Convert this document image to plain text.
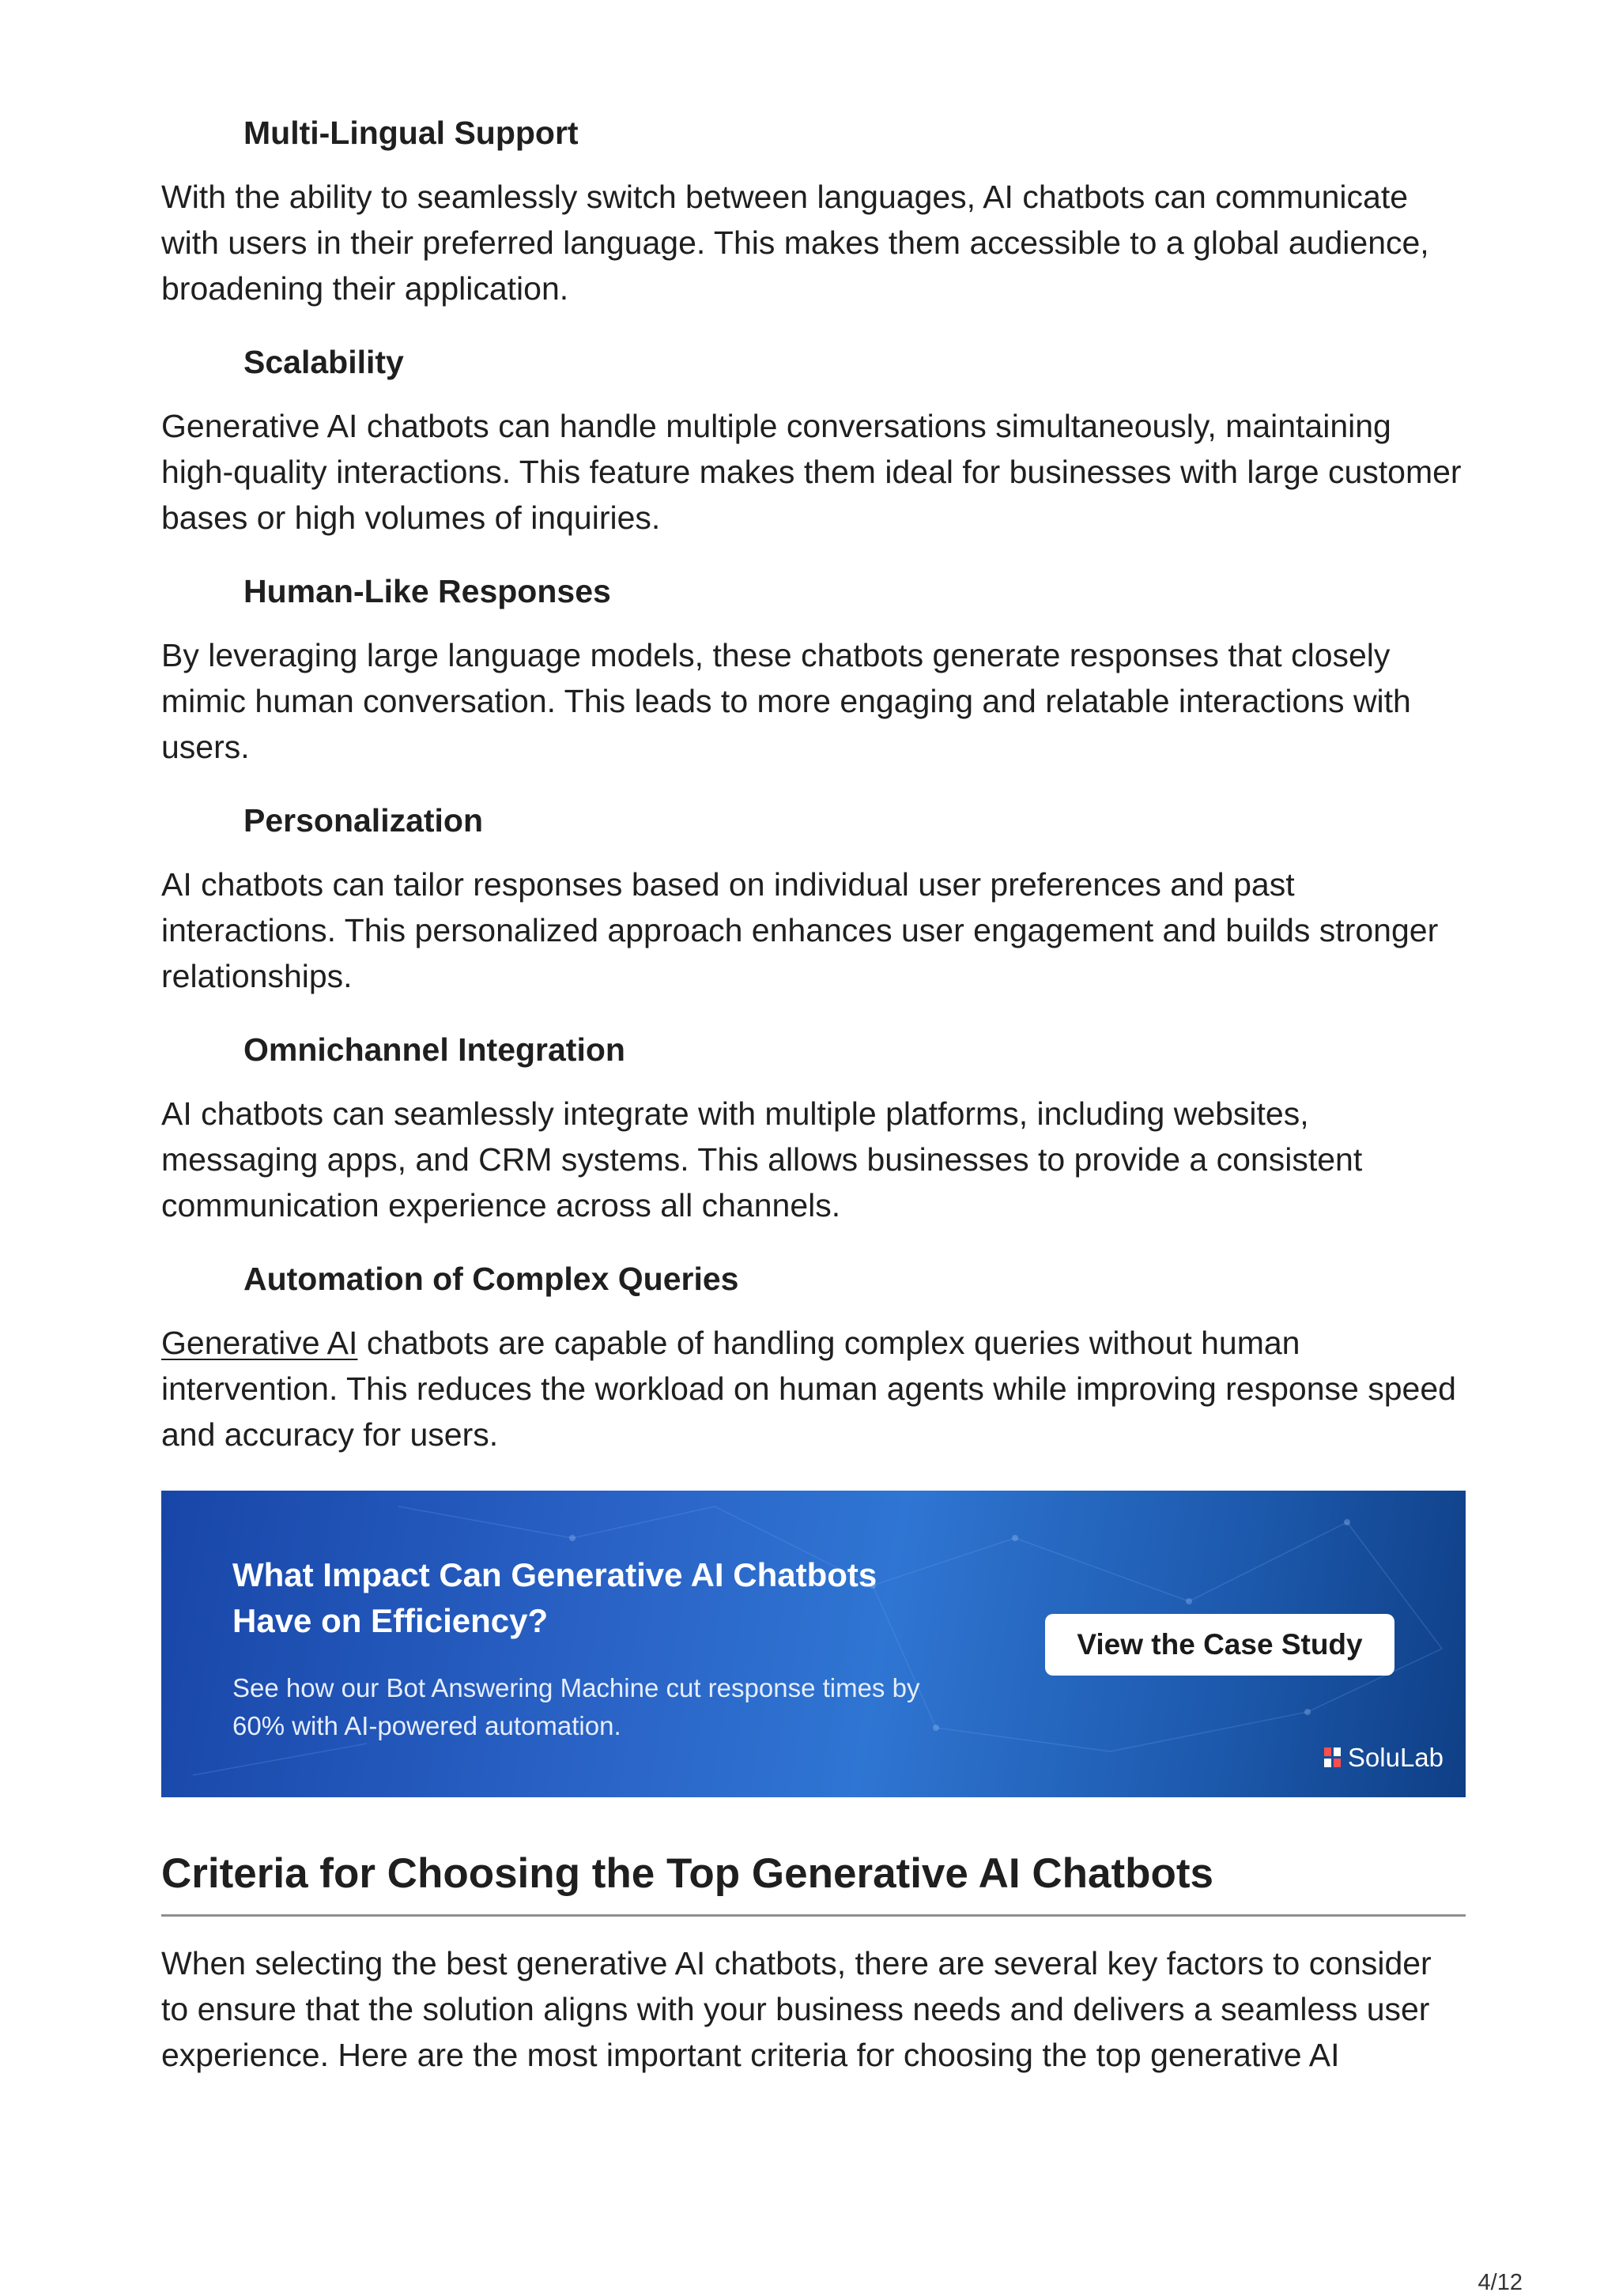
Multi-Lingual Support

With the ability to seamlessly switch between languages, AI chatbots can communicate with users in their preferred language. This makes them accessible to a global audience, broadening their application.

Scalability

Generative AI chatbots can handle multiple conversations simultaneously, maintaining high-quality interactions. This feature makes them ideal for businesses with large customer bases or high volumes of inquiries.

Human-Like Responses

By leveraging large language models, these chatbots generate responses that closely mimic human conversation. This leads to more engaging and relatable interactions with users.

Personalization

AI chatbots can tailor responses based on individual user preferences and past interactions. This personalized approach enhances user engagement and builds stronger relationships.

Omnichannel Integration

AI chatbots can seamlessly integrate with multiple platforms, including websites, messaging apps, and CRM systems. This allows businesses to provide a consistent communication experience across all channels.

Automation of Complex Queries

Generative AI chatbots are capable of handling complex queries without human intervention. This reduces the workload on human agents while improving response speed and accuracy for users.

What Impact Can Generative AI Chatbots Have on Efficiency?
See how our Bot Answering Machine cut response times by 60% with AI-powered automation.
View the Case Study
SoluLab
Criteria for Choosing the Top Generative AI Chatbots

When selecting the best generative AI chatbots, there are several key factors to consider to ensure that the solution aligns with your business needs and delivers a seamless user experience. Here are the most important criteria for choosing the top generative AI

4/12
